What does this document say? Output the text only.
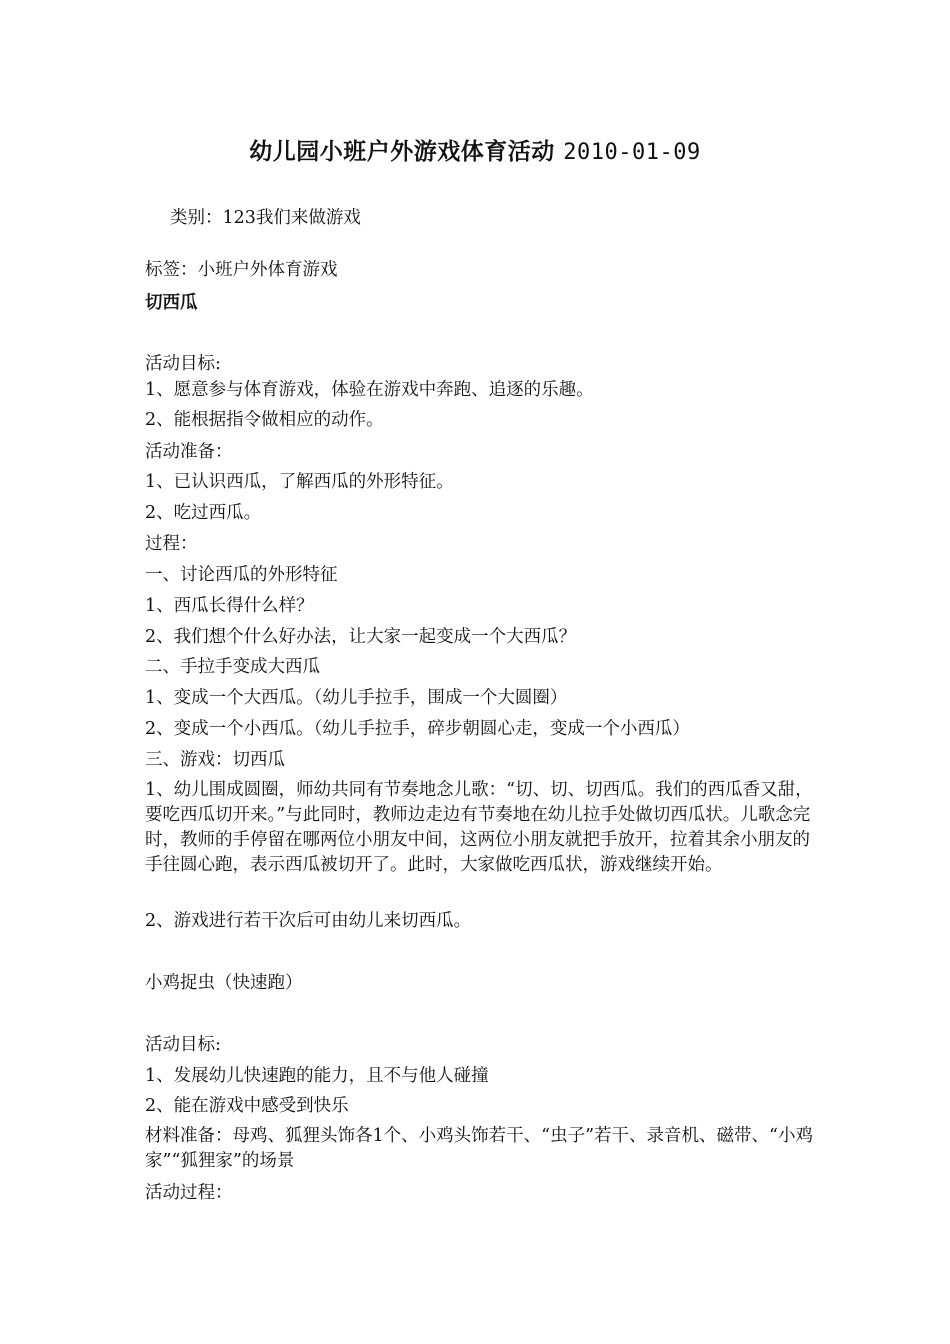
幼儿园小班户外游戏体育活动 2010-01-09
类别：123我们来做游戏
标签：小班户外体育游戏
切西瓜
活动目标:
1、愿意参与体育游戏，体验在游戏中奔跑、追逐的乐趣。
2、能根据指令做相应的动作。
活动准备：
1、已认识西瓜，了解西瓜的外形特征。
2、吃过西瓜。
过程：
一、讨论西瓜的外形特征
1、西瓜长得什么样？
2、我们想个什么好办法，让大家一起变成一个大西瓜？
二、手拉手变成大西瓜
1、变成一个大西瓜。（幼儿手拉手，围成一个大圆圈）
2、变成一个小西瓜。（幼儿手拉手，碎步朝圆心走，变成一个小西瓜）
三、游戏：切西瓜
1、幼儿围成圆圈，师幼共同有节奏地念儿歌：“切、切、切西瓜。我们的西瓜香又甜，要吃西瓜切开来。”与此同时，教师边走边有节奏地在幼儿拉手处做切西瓜状。儿歌念完时，教师的手停留在哪两位小朋友中间，这两位小朋友就把手放开，拉着其余小朋友的手往圆心跑，表示西瓜被切开了。此时，大家做吃西瓜状，游戏继续开始。
2、游戏进行若干次后可由幼儿来切西瓜。
小鸡捉虫（快速跑）
活动目标:
1、发展幼儿快速跑的能力，且不与他人碰撞
2、能在游戏中感受到快乐
材料准备：母鸡、狐狸头饰各1个、小鸡头饰若干、“虫子”若干、录音机、磁带、“小鸡家”“狐狸家”的场景
活动过程：
